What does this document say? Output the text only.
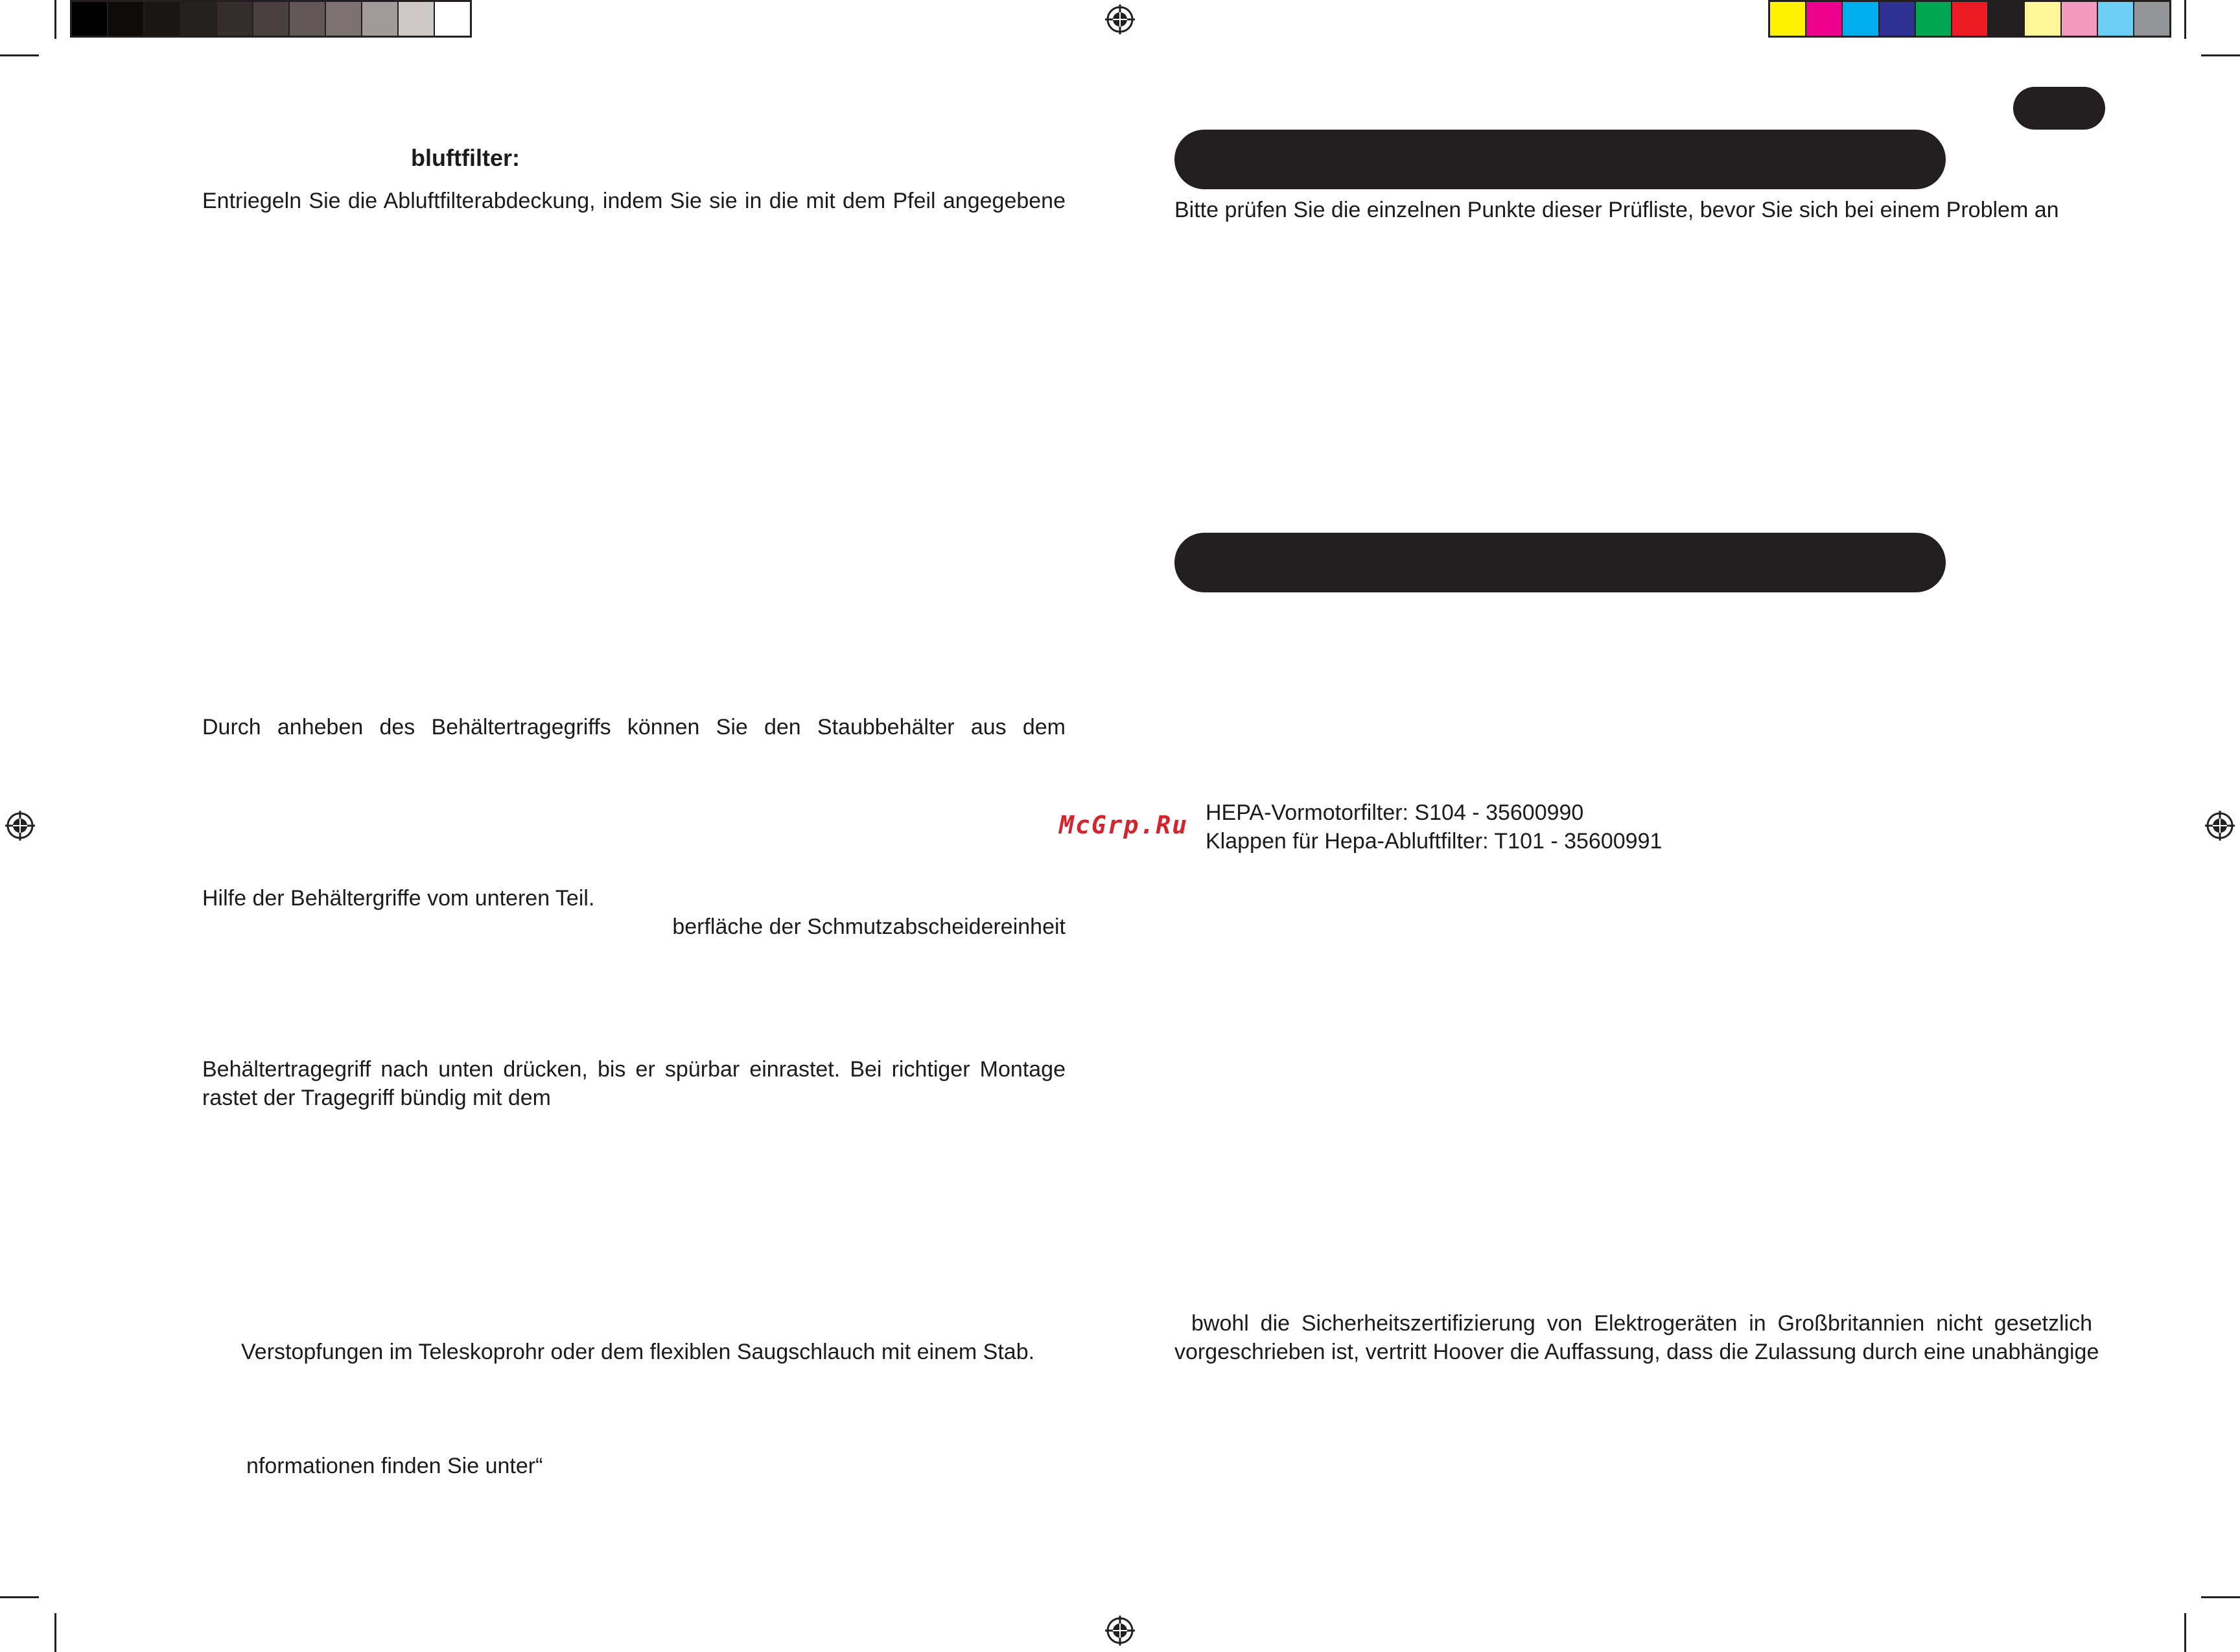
bluftfilter:
Entriegeln Sie die Abluftfilterabdeckung, indem Sie sie in die mit dem Pfeil angegebene
Durch anheben des Behältertragegriffs können Sie den Staubbehälter aus dem
Hilfe der Behältergriffe vom unteren Teil.
berfläche der Schmutzabscheidereinheit
Behältertragegriff nach unten drücken, bis er spürbar einrastet. Bei richtiger Montage
rastet der Tragegriff bündig mit dem
Verstopfungen im Teleskoprohr oder dem flexiblen Saugschlauch mit einem Stab.
nformationen finden Sie unter“
McGrp.Ru
Bitte prüfen Sie die einzelnen Punkte dieser Prüfliste, bevor Sie sich bei einem Problem an
HEPA-Vormotorfilter: S104 - 35600990
Klappen für Hepa-Abluftfilter: T101 - 35600991
bwohl die Sicherheitszertifizierung von Elektrogeräten in Großbritannien nicht gesetzlich
vorgeschrieben ist, vertritt Hoover die Auffassung, dass die Zulassung durch eine unabhängige
